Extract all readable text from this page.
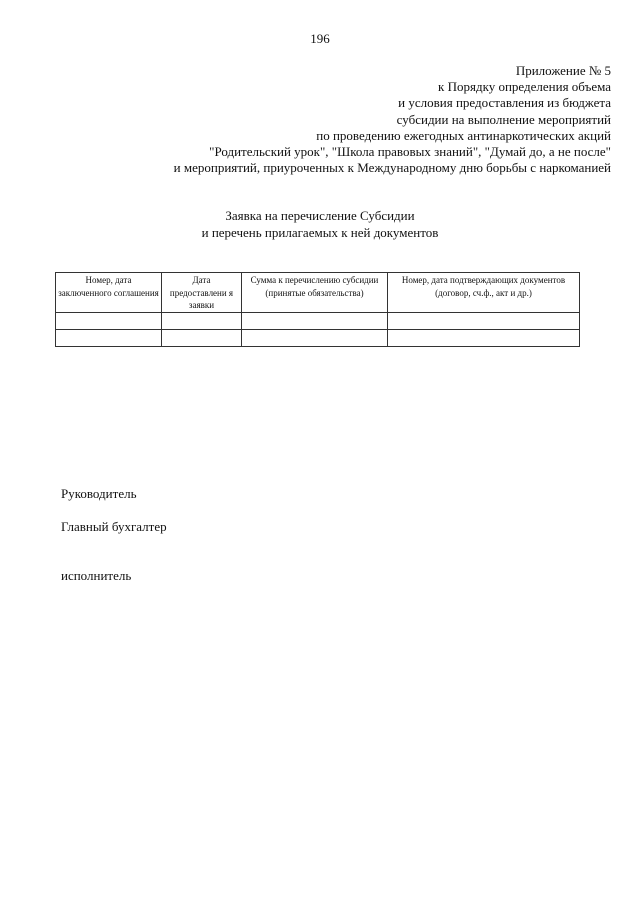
196
Приложение № 5
к Порядку определения объема
и условия предоставления из бюджета
субсидии на выполнение мероприятий
по проведению ежегодных антинаркотических акций
"Родительский урок", "Школа правовых знаний", "Думай до, а не после"
и мероприятий, приуроченных к Международному дню борьбы с наркоманией
Заявка на перечисление Субсидии
и перечень прилагаемых к ней документов
Номер, дата заключенного соглашения	Дата предоставлени я заявки	Сумма к перечислению субсидии (принятые обязательства)	Номер, дата подтверждающих документов (договор, сч.ф., акт и др.)

Руководитель
Главный бухгалтер
исполнитель
